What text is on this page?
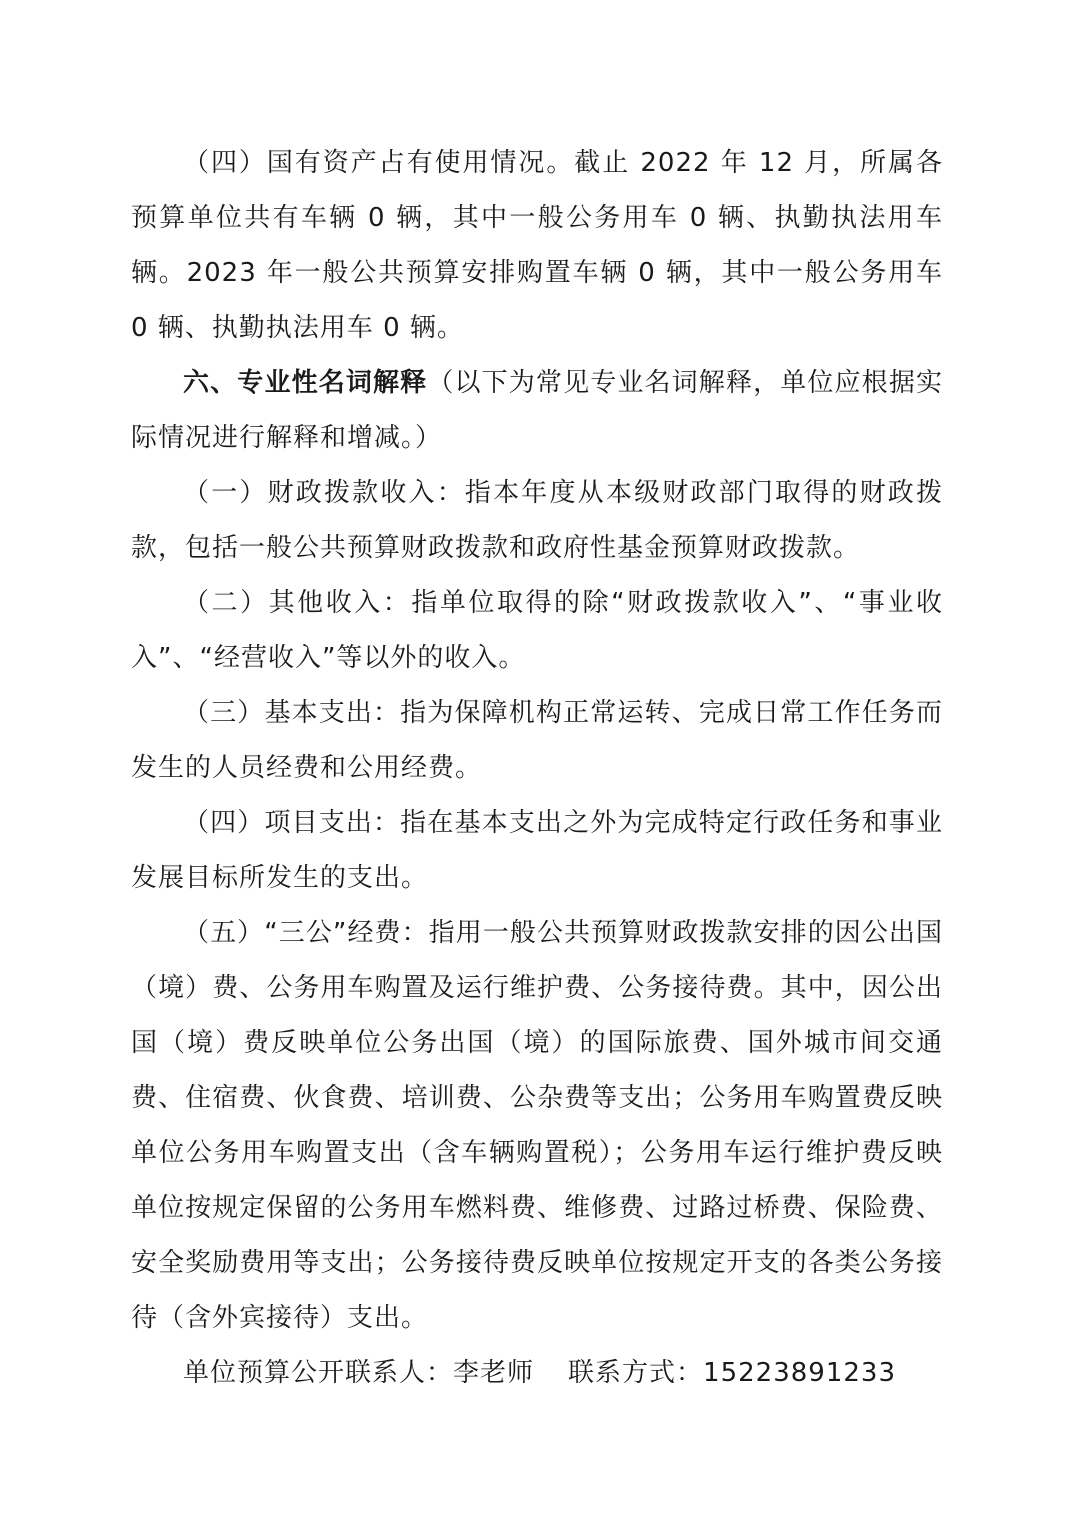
（四）国有资产占有使用情况。截止 2022 年 12 月，所属各预算单位共有车辆 0 辆，其中一般公务用车 0 辆、执勤执法用车辆。2023 年一般公共预算安排购置车辆 0 辆，其中一般公务用车 0 辆、执勤执法用车 0 辆。

六、专业性名词解释（以下为常见专业名词解释，单位应根据实际情况进行解释和增减。）

（一）财政拨款收入：指本年度从本级财政部门取得的财政拨款，包括一般公共预算财政拨款和政府性基金预算财政拨款。

（二）其他收入：指单位取得的除“财政拨款收入”、“事业收入”、“经营收入”等以外的收入。

（三）基本支出：指为保障机构正常运转、完成日常工作任务而发生的人员经费和公用经费。

（四）项目支出：指在基本支出之外为完成特定行政任务和事业发展目标所发生的支出。

（五）“三公”经费：指用一般公共预算财政拨款安排的因公出国（境）费、公务用车购置及运行维护费、公务接待费。其中，因公出国（境）费反映单位公务出国（境）的国际旅费、国外城市间交通费、住宿费、伙食费、培训费、公杂费等支出；公务用车购置费反映单位公务用车购置支出（含车辆购置税）；公务用车运行维护费反映单位按规定保留的公务用车燃料费、维修费、过路过桥费、保险费、安全奖励费用等支出；公务接待费反映单位按规定开支的各类公务接待（含外宾接待）支出。

单位预算公开联系人：李老师 联系方式：15223891233
